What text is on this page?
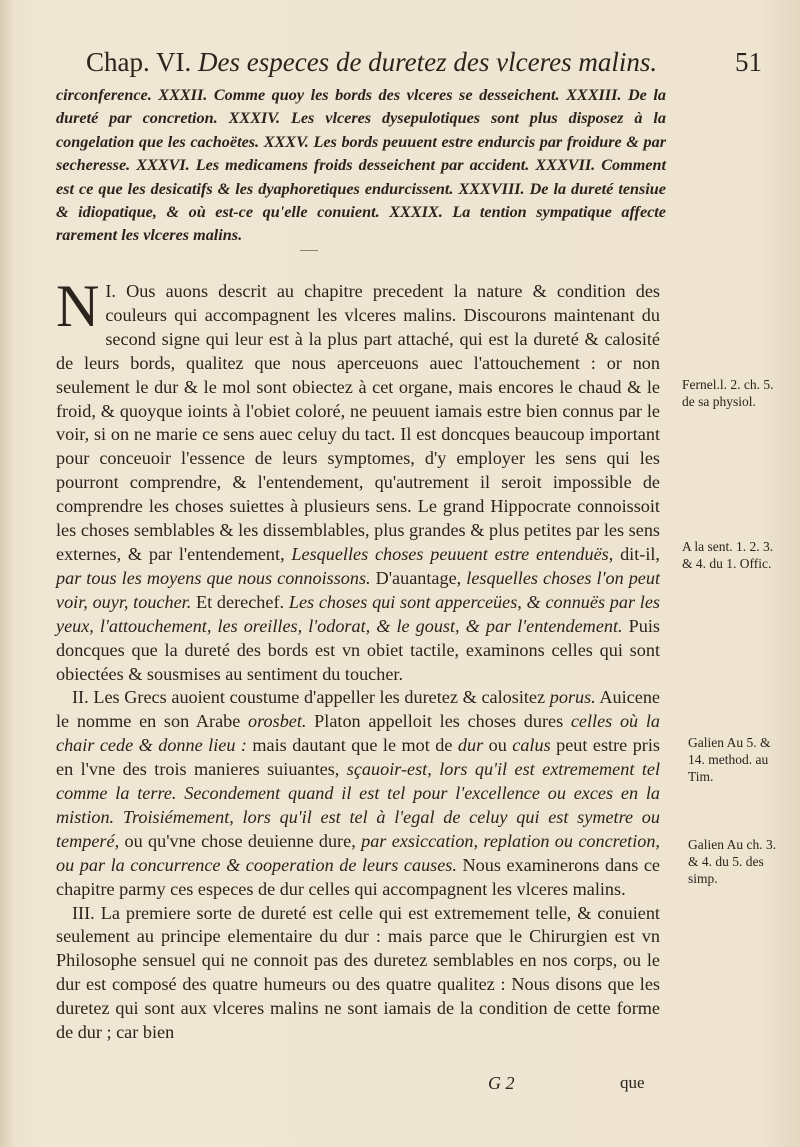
Chap. VI. Des especes de duretez des vlceres malins.	51
circonference. XXXII. Comme quoy les bords des vlceres se desseichent. XXXIII. De la dureté par concretion. XXXIV. Les vlceres dysepulotiques sont plus disposez à la congelation que les cachoëtes. XXXV. Les bords peuuent estre endurcis par froidure & par secheresse. XXXVI. Les medicamens froids desseichent par accident. XXXVII. Comment est ce que les desicatifs & les dyaphoretiques endurcissent. XXXVIII. De la dureté tensiue & idiopatique, & où est-ce qu'elle conuient. XXXIX. La tention sympatique affecte rarement les vlceres malins.

I.
N Ous auons descrit au chapitre precedent la nature & condition des couleurs qui accompagnent les vlceres malins. Discourons maintenant du second signe qui leur est à la plus part attaché, qui est la dureté & calosité de leurs bords, qualitez que nous aperceuons auec l'attouchement : or non seulement le dur & le mol sont obiectez à cet organe, mais encores le chaud & le froid, & quoyque ioints à l'obiet coloré, ne peuuent iamais estre bien connus par le voir, si on ne marie ce sens auec celuy du tact. Il est doncques beaucoup important pour conceuoir l'essence de leurs symptomes, d'y employer les sens qui les pourront comprendre, & l'entendement, qu'autrement il seroit impossible de comprendre les choses suiettes à plusieurs sens. Le grand Hippocrate connoissoit les choses semblables & les dissemblables, plus grandes & plus petites par les sens externes, & par l'entendement, Lesquelles choses peuuent estre entenduës, dit-il, par tous les moyens que nous connoissons. D'auantage, lesquelles choses l'on peut voir, ouyr, toucher. Et derechef. Les choses qui sont apperceües, & connuës par les yeux, l'attouchement, les oreilles, l'odorat, & le goust, & par l'entendement. Puis doncques que la dureté des bords est vn obiet tactile, examinons celles qui sont obiectées & sousmises au sentiment du toucher.

II. Les Grecs auoient coustume d'appeller les duretez & calositez porus. Auicene le nomme en son Arabe orosbet. Platon appelloit les choses dures celles où la chair cede & donne lieu : mais dautant que le mot de dur ou calus peut estre pris en l'vne des trois manieres suiuantes, sçauoir-est, lors qu'il est extremement tel comme la terre. Secondement quand il est tel pour l'excellence ou exces en la mistion. Troisiémement, lors qu'il est tel à l'egal de celuy qui est symetre ou temperé, ou qu'vne chose deuienne dure, par exsiccation, replation ou concretion, ou par la concurrence & cooperation de leurs causes. Nous examinerons dans ce chapitre parmy ces especes de dur celles qui accompagnent les vlceres malins.

III. La premiere sorte de dureté est celle qui est extremement telle, & conuient seulement au principe elementaire du dur : mais parce que le Chirurgien est vn Philosophe sensuel qui ne connoit pas des duretez semblables en nos corps, ou le dur est composé des quatre humeurs ou des quatre qualitez : Nous disons que les duretez qui sont aux vlceres malins ne sont iamais de la condition de cette forme de dur ; car bien

Fernel.l. 2. ch. 5. de sa physiol.
A la sent. 1. 2. 3. & 4. du 1. Offic.
Galien Au 5. & 14. method. au Tim.
Galien Au ch. 3. & 4. du 5. des simp.
G 2	que
